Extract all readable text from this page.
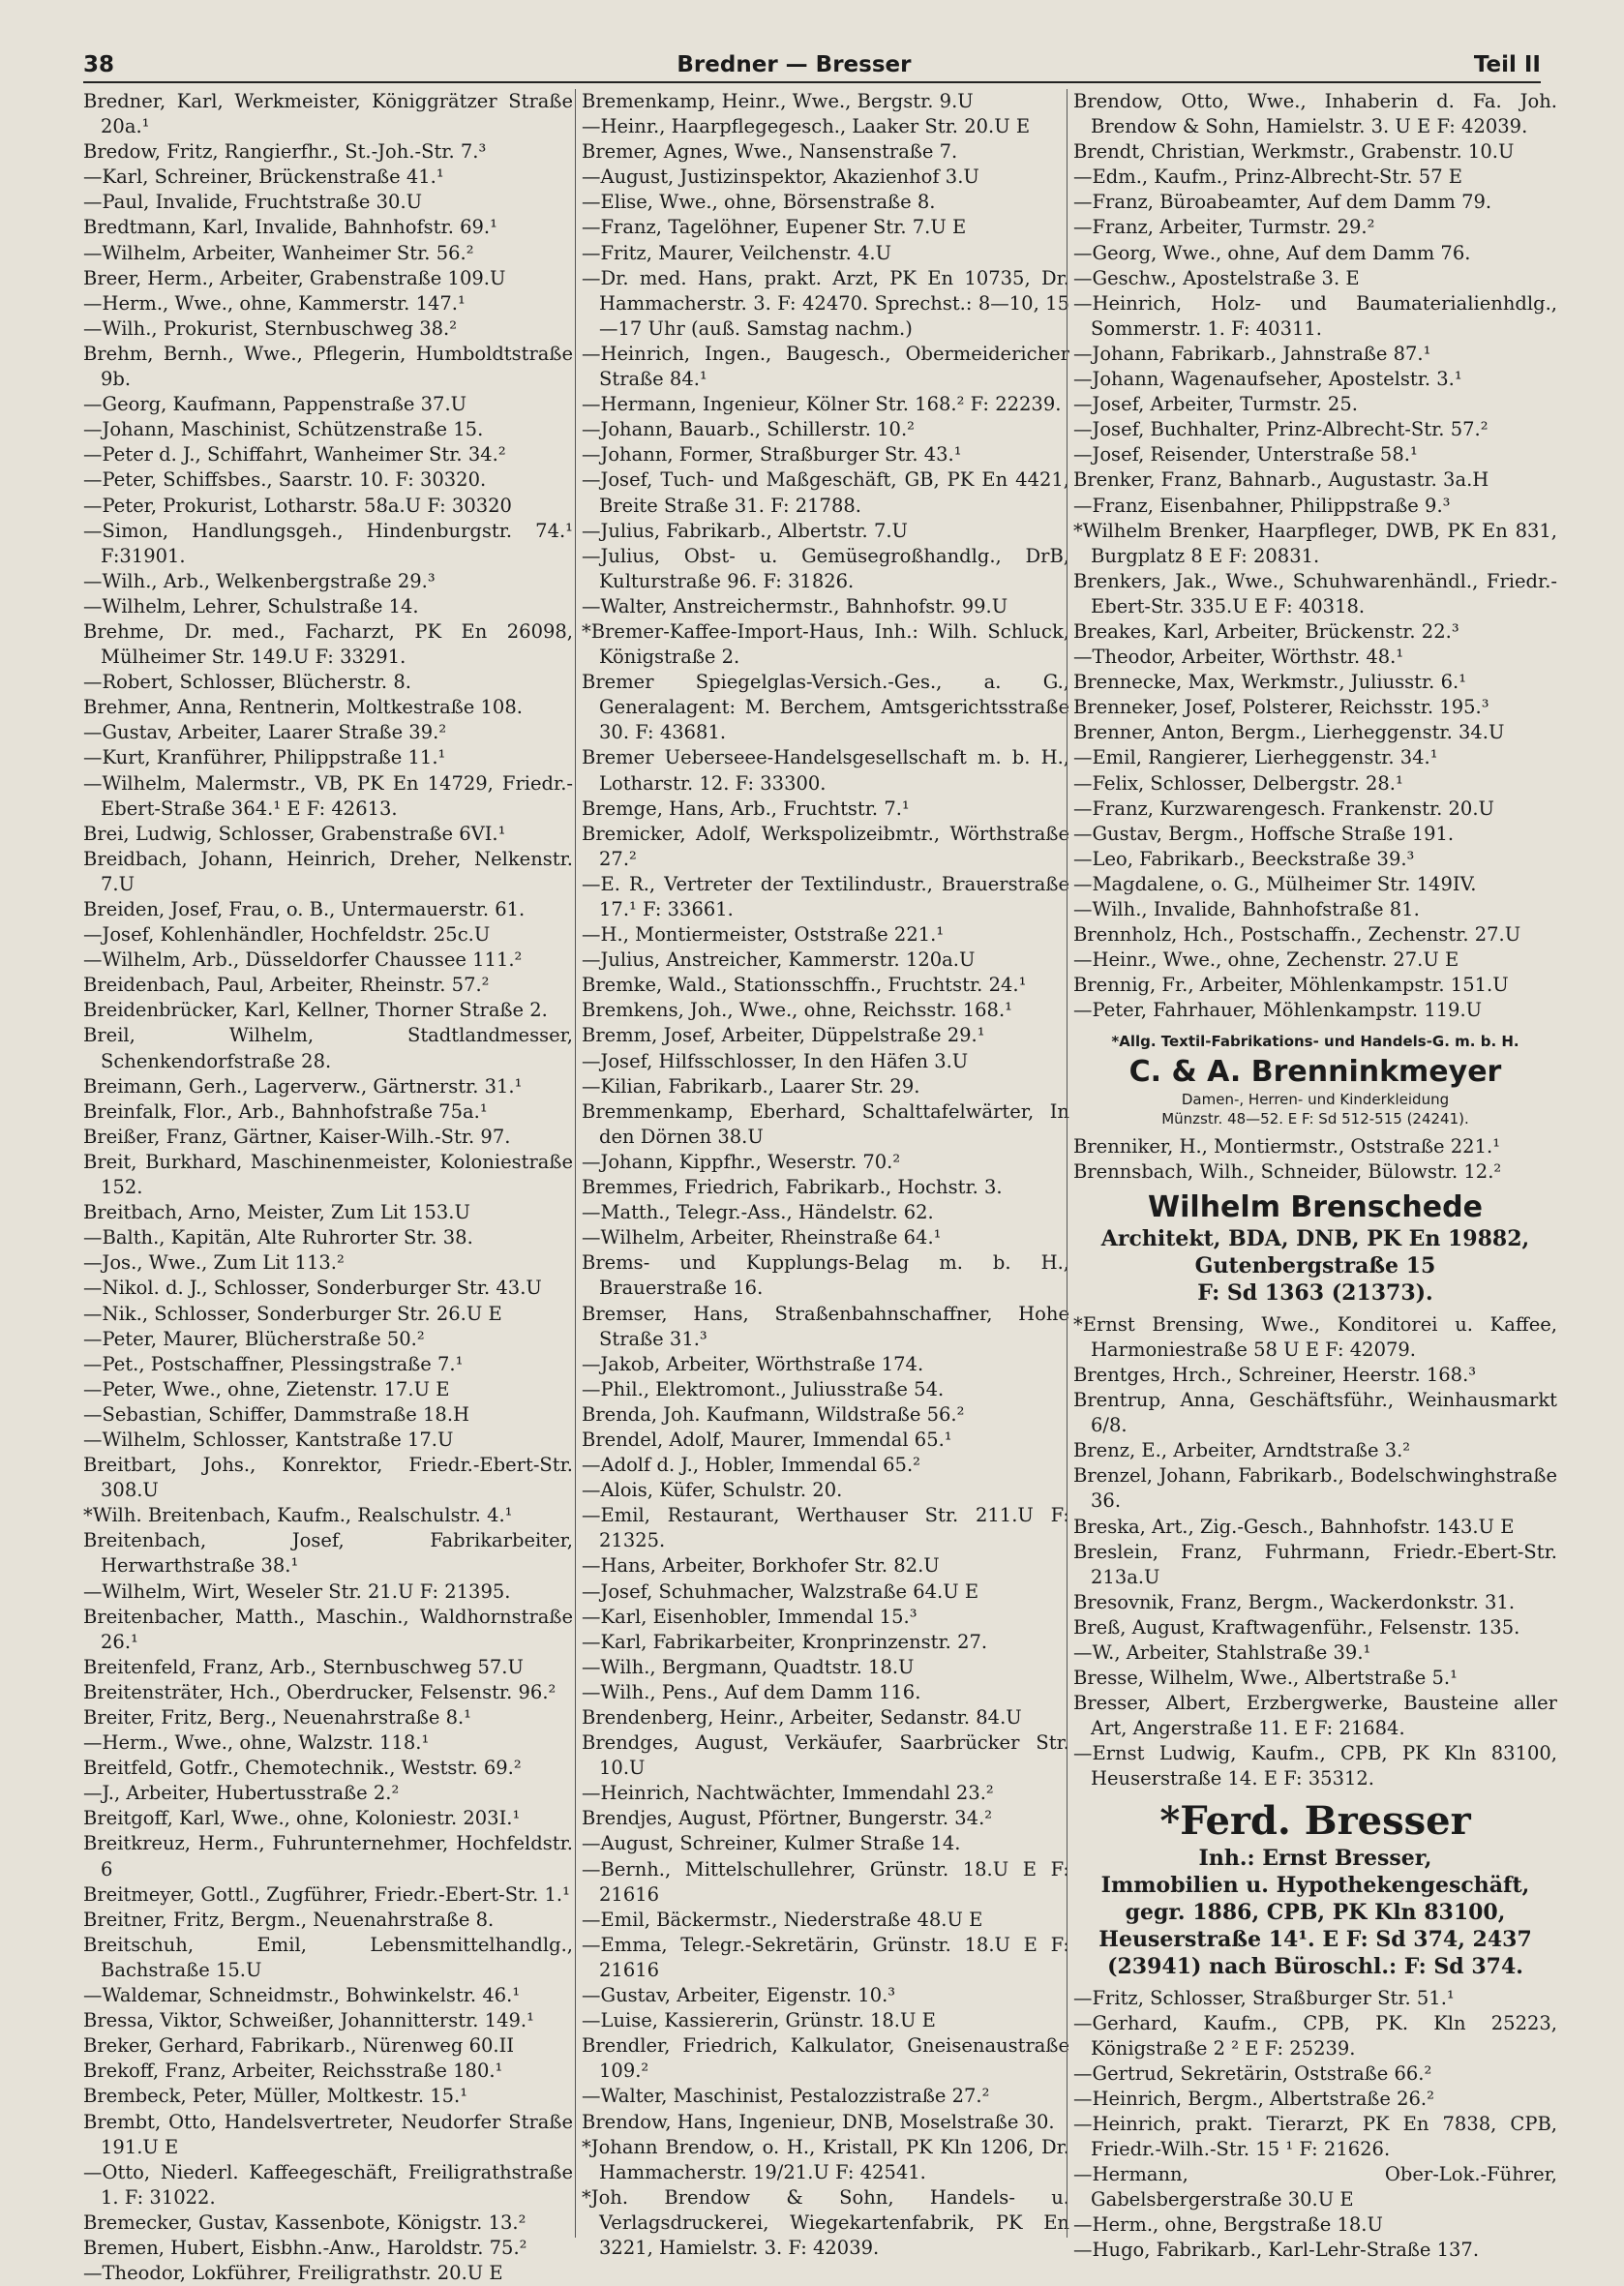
38	Bredner — Bresser	Teil II
Bredner, Karl, Werkmeister, Königgrätzer Straße 20a.¹
Bredow, Fritz, Rangierfhr., St.-Joh.-Str. 7.³
—Karl, Schreiner, Brückenstraße 41.¹
—Paul, Invalide, Fruchtstraße 30.U
Bredtmann, Karl, Invalide, Bahnhofstr. 69.¹
—Wilhelm, Arbeiter, Wanheimer Str. 56.²
Breer, Herm., Arbeiter, Grabenstraße 109.U
—Herm., Wwe., ohne, Kammerstr. 147.¹
—Wilh., Prokurist, Sternbuschweg 38.²
Brehm, Bernh., Wwe., Pflegerin, Humboldtstraße 9b.
—Georg, Kaufmann, Pappenstraße 37.U
—Johann, Maschinist, Schützenstraße 15.
—Peter d. J., Schiffahrt, Wanheimer Str. 34.²
—Peter, Schiffsbes., Saarstr. 10. F: 30320.
—Peter, Prokurist, Lotharstr. 58a.U F: 30320
—Simon, Handlungsgeh., Hindenburgstr. 74.¹ F:31901.
—Wilh., Arb., Welkenbergstraße 29.³
—Wilhelm, Lehrer, Schulstraße 14.
Brehme, Dr. med., Facharzt, PK En 26098, Mülheimer Str. 149.U F: 33291.
—Robert, Schlosser, Blücherstr. 8.
Brehmer, Anna, Rentnerin, Moltkestraße 108.
—Gustav, Arbeiter, Laarer Straße 39.²
—Kurt, Kranführer, Philippstraße 11.¹
—Wilhelm, Malermstr., VB, PK En 14729, Friedr.-Ebert-Straße 364.¹ E F: 42613.
Brei, Ludwig, Schlosser, Grabenstraße 6VI.¹
Breidbach, Johann, Heinrich, Dreher, Nelkenstr. 7.U
Breiden, Josef, Frau, o. B., Untermauerstr. 61.
—Josef, Kohlenhändler, Hochfeldstr. 25c.U
—Wilhelm, Arb., Düsseldorfer Chaussee 111.²
Breidenbach, Paul, Arbeiter, Rheinstr. 57.²
Breidenbrücker, Karl, Kellner, Thorner Straße 2.
Breil, Wilhelm, Stadtlandmesser, Schenkendorfstraße 28.
Breimann, Gerh., Lagerverw., Gärtnerstr. 31.¹
Breinfalk, Flor., Arb., Bahnhofstraße 75a.¹
Breißer, Franz, Gärtner, Kaiser-Wilh.-Str. 97.
Breit, Burkhard, Maschinenmeister, Koloniestraße 152.
Breitbach, Arno, Meister, Zum Lit 153.U
—Balth., Kapitän, Alte Ruhrorter Str. 38.
—Jos., Wwe., Zum Lit 113.²
—Nikol. d. J., Schlosser, Sonderburger Str. 43.U
—Nik., Schlosser, Sonderburger Str. 26.U E
—Peter, Maurer, Blücherstraße 50.²
—Pet., Postschaffner, Plessingstraße 7.¹
—Peter, Wwe., ohne, Zietenstr. 17.U E
—Sebastian, Schiffer, Dammstraße 18.H
—Wilhelm, Schlosser, Kantstraße 17.U
Breitbart, Johs., Konrektor, Friedr.-Ebert-Str. 308.U
*Wilh. Breitenbach, Kaufm., Realschulstr. 4.¹
Breitenbach, Josef, Fabrikarbeiter, Herwarthstraße 38.¹
—Wilhelm, Wirt, Weseler Str. 21.U F: 21395.
Breitenbacher, Matth., Maschin., Waldhornstraße 26.¹
Breitenfeld, Franz, Arb., Sternbuschweg 57.U
Breitensträter, Hch., Oberdrucker, Felsenstr. 96.²
Breiter, Fritz, Berg., Neuenahrstraße 8.¹
—Herm., Wwe., ohne, Walzstr. 118.¹
Breitfeld, Gotfr., Chemotechnik., Weststr. 69.²
—J., Arbeiter, Hubertusstraße 2.²
Breitgoff, Karl, Wwe., ohne, Koloniestr. 203I.¹
Breitkreuz, Herm., Fuhrunternehmer, Hochfeldstr. 6
Breitmeyer, Gottl., Zugführer, Friedr.-Ebert-Str. 1.¹
Breitner, Fritz, Bergm., Neuenahrstraße 8.
Breitschuh, Emil, Lebensmittelhandlg., Bachstraße 15.U
—Waldemar, Schneidmstr., Bohwinkelstr. 46.¹
Bressa, Viktor, Schweißer, Johannitterstr. 149.¹
Breker, Gerhard, Fabrikarb., Nürenweg 60.II
Brekoff, Franz, Arbeiter, Reichsstraße 180.¹
Brembeck, Peter, Müller, Moltkestr. 15.¹
Brembt, Otto, Handelsvertreter, Neudorfer Straße 191.U E
—Otto, Niederl. Kaffeegeschäft, Freiligrathstraße 1. F: 31022.
Bremecker, Gustav, Kassenbote, Königstr. 13.²
Bremen, Hubert, Eisbhn.-Anw., Haroldstr. 75.²
—Theodor, Lokführer, Freiligrathstr. 20.U E
Bremenkamp, Heinr., Wwe., Bergstr. 9.U
—Heinr., Haarpflegegesch., Laaker Str. 20.U E
Bremer, Agnes, Wwe., Nansenstraße 7.
—August, Justizinspektor, Akazienhof 3.U
—Elise, Wwe., ohne, Börsenstraße 8.
—Franz, Tagelöhner, Eupener Str. 7.U E
—Fritz, Maurer, Veilchenstr. 4.U
—Dr. med. Hans, prakt. Arzt, PK En 10735, Dr. Hammacherstr. 3. F: 42470. Sprechst.: 8—10, 15—17 Uhr (auß. Samstag nachm.)
—Heinrich, Ingen., Baugesch., Obermeidericher Straße 84.¹
—Hermann, Ingenieur, Kölner Str. 168.² F: 22239.
—Johann, Bauarb., Schillerstr. 10.²
—Johann, Former, Straßburger Str. 43.¹
—Josef, Tuch- und Maßgeschäft, GB, PK En 4421, Breite Straße 31. F: 21788.
—Julius, Fabrikarb., Albertstr. 7.U
—Julius, Obst- u. Gemüsegroßhandlg., DrB, Kulturstraße 96. F: 31826.
—Walter, Anstreichermstr., Bahnhofstr. 99.U
*Bremer-Kaffee-Import-Haus, Inh.: Wilh. Schluck, Königstraße 2.
Bremer Spiegelglas-Versich.-Ges., a. G., Generalagent: M. Berchem, Amtsgerichtsstraße 30. F: 43681.
Bremer Ueberseee-Handelsgesellschaft m. b. H., Lotharstr. 12. F: 33300.
Bremge, Hans, Arb., Fruchtstr. 7.¹
Bremicker, Adolf, Werkspolizeibmtr., Wörthstraße 27.²
—E. R., Vertreter der Textilindustr., Brauerstraße 17.¹ F: 33661.
—H., Montiermeister, Oststraße 221.¹
—Julius, Anstreicher, Kammerstr. 120a.U
Bremke, Wald., Stationsschffn., Fruchtstr. 24.¹
Bremkens, Joh., Wwe., ohne, Reichsstr. 168.¹
Bremm, Josef, Arbeiter, Düppelstraße 29.¹
—Josef, Hilfsschlosser, In den Häfen 3.U
—Kilian, Fabrikarb., Laarer Str. 29.
Bremmenkamp, Eberhard, Schalttafelwärter, In den Dörnen 38.U
—Johann, Kippfhr., Weserstr. 70.²
Bremmes, Friedrich, Fabrikarb., Hochstr. 3.
—Matth., Telegr.-Ass., Händelstr. 62.
—Wilhelm, Arbeiter, Rheinstraße 64.¹
Brems- und Kupplungs-Belag m. b. H., Brauerstraße 16.
Bremser, Hans, Straßenbahnschaffner, Hohe Straße 31.³
—Jakob, Arbeiter, Wörthstraße 174.
—Phil., Elektromont., Juliusstraße 54.
Brenda, Joh. Kaufmann, Wildstraße 56.²
Brendel, Adolf, Maurer, Immendal 65.¹
—Adolf d. J., Hobler, Immendal 65.²
—Alois, Küfer, Schulstr. 20.
—Emil, Restaurant, Werthauser Str. 211.U F: 21325.
—Hans, Arbeiter, Borkhofer Str. 82.U
—Josef, Schuhmacher, Walzstraße 64.U E
—Karl, Eisenhobler, Immendal 15.³
—Karl, Fabrikarbeiter, Kronprinzenstr. 27.
—Wilh., Bergmann, Quadtstr. 18.U
—Wilh., Pens., Auf dem Damm 116.
Brendenberg, Heinr., Arbeiter, Sedanstr. 84.U
Brendges, August, Verkäufer, Saarbrücker Str. 10.U
—Heinrich, Nachtwächter, Immendahl 23.²
Brendjes, August, Pförtner, Bungerstr. 34.²
—August, Schreiner, Kulmer Straße 14.
—Bernh., Mittelschullehrer, Grünstr. 18.U E F: 21616
—Emil, Bäckermstr., Niederstraße 48.U E
—Emma, Telegr.-Sekretärin, Grünstr. 18.U E F: 21616
—Gustav, Arbeiter, Eigenstr. 10.³
—Luise, Kassiererin, Grünstr. 18.U E
Brendler, Friedrich, Kalkulator, Gneisenaustraße 109.²
—Walter, Maschinist, Pestalozzistraße 27.²
Brendow, Hans, Ingenieur, DNB, Moselstraße 30.
*Johann Brendow, o. H., Kristall, PK Kln 1206, Dr. Hammacherstr. 19/21.U F: 42541.
*Joh. Brendow & Sohn, Handels- u. Verlagsdruckerei, Wiegekartenfabrik, PK En 3221, Hamielstr. 3. F: 42039.
Brendow, Otto, Wwe., Inhaberin d. Fa. Joh. Brendow & Sohn, Hamielstr. 3. U E F: 42039.
Brendt, Christian, Werkmstr., Grabenstr. 10.U
—Edm., Kaufm., Prinz-Albrecht-Str. 57 E
—Franz, Büroabeamter, Auf dem Damm 79.
—Franz, Arbeiter, Turmstr. 29.²
—Georg, Wwe., ohne, Auf dem Damm 76.
—Geschw., Apostelstraße 3. E
—Heinrich, Holz- und Baumaterialienhdlg., Sommerstr. 1. F: 40311.
—Johann, Fabrikarb., Jahnstraße 87.¹
—Johann, Wagenaufseher, Apostelstr. 3.¹
—Josef, Arbeiter, Turmstr. 25.
—Josef, Buchhalter, Prinz-Albrecht-Str. 57.²
—Josef, Reisender, Unterstraße 58.¹
Brenker, Franz, Bahnarb., Augustastr. 3a.H
—Franz, Eisenbahner, Philippstraße 9.³
*Wilhelm Brenker, Haarpfleger, DWB, PK En 831, Burgplatz 8 E F: 20831.
Brenkers, Jak., Wwe., Schuhwarenhändl., Friedr.-Ebert-Str. 335.U E F: 40318.
Breakes, Karl, Arbeiter, Brückenstr. 22.³
—Theodor, Arbeiter, Wörthstr. 48.¹
Brennecke, Max, Werkmstr., Juliusstr. 6.¹
Brenneker, Josef, Polsterer, Reichsstr. 195.³
Brenner, Anton, Bergm., Lierheggenstr. 34.U
—Emil, Rangierer, Lierheggenstr. 34.¹
—Felix, Schlosser, Delbergstr. 28.¹
—Franz, Kurzwarengesch. Frankenstr. 20.U
—Gustav, Bergm., Hoffsche Straße 191.
—Leo, Fabrikarb., Beeckstraße 39.³
—Magdalene, o. G., Mülheimer Str. 149IV.
—Wilh., Invalide, Bahnhofstraße 81.
Brennholz, Hch., Postschaffn., Zechenstr. 27.U
—Heinr., Wwe., ohne, Zechenstr. 27.U E
Brennig, Fr., Arbeiter, Möhlenkampstr. 151.U
—Peter, Fahrhauer, Möhlenkampstr. 119.U
*Allg. Textil-Fabrikations- und Handels-G. m. b. H.
C. & A. Brenninkmeyer
Damen-, Herren- und Kinderkleidung
Münzstr. 48—52. E F: Sd 512-515 (24241).
Brenniker, H., Montiermstr., Oststraße 221.¹
Brennsbach, Wilh., Schneider, Bülowstr. 12.²
Wilhelm Brenschede
Architekt, BDA, DNB, PK En 19882,
Gutenbergstraße 15
F: Sd 1363 (21373).
*Ernst Brensing, Wwe., Konditorei u. Kaffee, Harmoniestraße 58 U E F: 42079.
Brentges, Hrch., Schreiner, Heerstr. 168.³
Brentrup, Anna, Geschäftsführ., Weinhausmarkt 6/8.
Brenz, E., Arbeiter, Arndtstraße 3.²
Brenzel, Johann, Fabrikarb., Bodelschwinghstraße 36.
Breska, Art., Zig.-Gesch., Bahnhofstr. 143.U E
Breslein, Franz, Fuhrmann, Friedr.-Ebert-Str. 213a.U
Bresovnik, Franz, Bergm., Wackerdonkstr. 31.
Breß, August, Kraftwagenführ., Felsenstr. 135.
—W., Arbeiter, Stahlstraße 39.¹
Bresse, Wilhelm, Wwe., Albertstraße 5.¹
Bresser, Albert, Erzbergwerke, Bausteine aller Art, Angerstraße 11. E F: 21684.
—Ernst Ludwig, Kaufm., CPB, PK Kln 83100, Heuserstraße 14. E F: 35312.
*Ferd. Bresser
Inh.: Ernst Bresser,
Immobilien u. Hypothekengeschäft,
gegr. 1886, CPB, PK Kln 83100,
Heuserstraße 14¹. E F: Sd 374, 2437
(23941) nach Büroschl.: F: Sd 374.
—Fritz, Schlosser, Straßburger Str. 51.¹
—Gerhard, Kaufm., CPB, PK. Kln 25223, Königstraße 2 ² E F: 25239.
—Gertrud, Sekretärin, Oststraße 66.²
—Heinrich, Bergm., Albertstraße 26.²
—Heinrich, prakt. Tierarzt, PK En 7838, CPB, Friedr.-Wilh.-Str. 15 ¹ F: 21626.
—Hermann, Ober-Lok.-Führer, Gabelsbergerstraße 30.U E
—Herm., ohne, Bergstraße 18.U
—Hugo, Fabrikarb., Karl-Lehr-Straße 137.
